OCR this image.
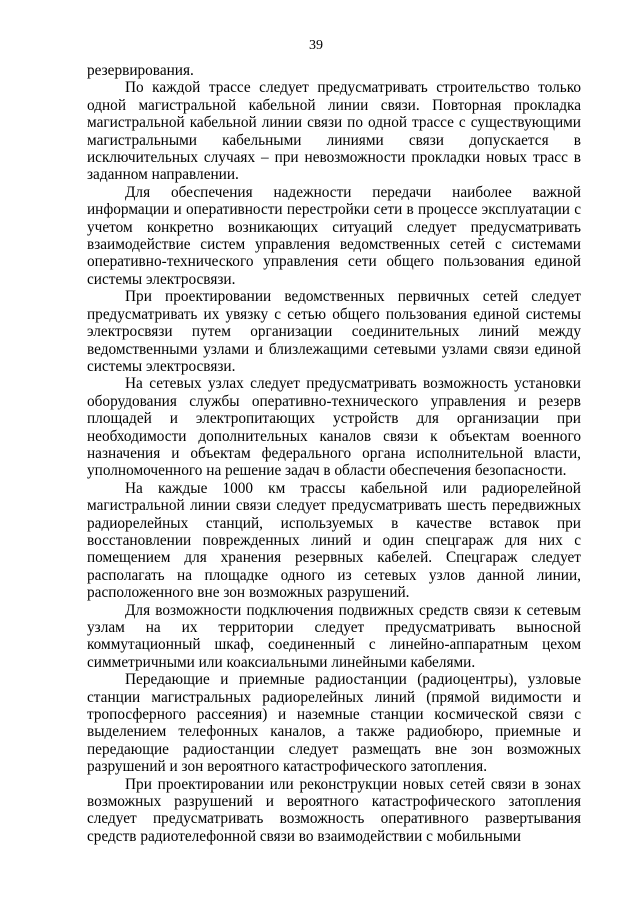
39

резервирования.

По каждой трассе следует предусматривать строительство только одной магистральной кабельной линии связи. Повторная прокладка магистральной кабельной линии связи по одной трассе с существующими магистральными кабельными линиями связи допускается в исключительных случаях – при невозможности прокладки новых трасс в заданном направлении.

Для обеспечения надежности передачи наиболее важной информации и оперативности перестройки сети в процессе эксплуатации с учетом конкретно возникающих ситуаций следует предусматривать взаимодействие систем управления ведомственных сетей с системами оперативно-технического управления сети общего пользования единой системы электросвязи.

При проектировании ведомственных первичных сетей следует предусматривать их увязку с сетью общего пользования единой системы электросвязи путем организации соединительных линий между ведомственными узлами и близлежащими сетевыми узлами связи единой системы электросвязи.

На сетевых узлах следует предусматривать возможность установки оборудования службы оперативно-технического управления и резерв площадей и электропитающих устройств для организации при необходимости дополнительных каналов связи к объектам военного назначения и объектам федерального органа исполнительной власти, уполномоченного на решение задач в области обеспечения безопасности.

На каждые 1000 км трассы кабельной или радиорелейной магистральной линии связи следует предусматривать шесть передвижных радиорелейных станций, используемых в качестве вставок при восстановлении поврежденных линий и один спецгараж для них с помещением для хранения резервных кабелей. Спецгараж следует располагать на площадке одного из сетевых узлов данной линии, расположенного вне зон возможных разрушений.

Для возможности подключения подвижных средств связи к сетевым узлам на их территории следует предусматривать выносной коммутационный шкаф, соединенный с линейно-аппаратным цехом симметричными или коаксиальными линейными кабелями.

Передающие и приемные радиостанции (радиоцентры), узловые станции магистральных радиорелейных линий (прямой видимости и тропосферного рассеяния) и наземные станции космической связи с выделением телефонных каналов, а также радиобюро, приемные и передающие радиостанции следует размещать вне зон возможных разрушений и зон вероятного катастрофического затопления.

При проектировании или реконструкции новых сетей связи в зонах возможных разрушений и вероятного катастрофического затопления следует предусматривать возможность оперативного развертывания средств радиотелефонной связи во взаимодействии с мобильными
